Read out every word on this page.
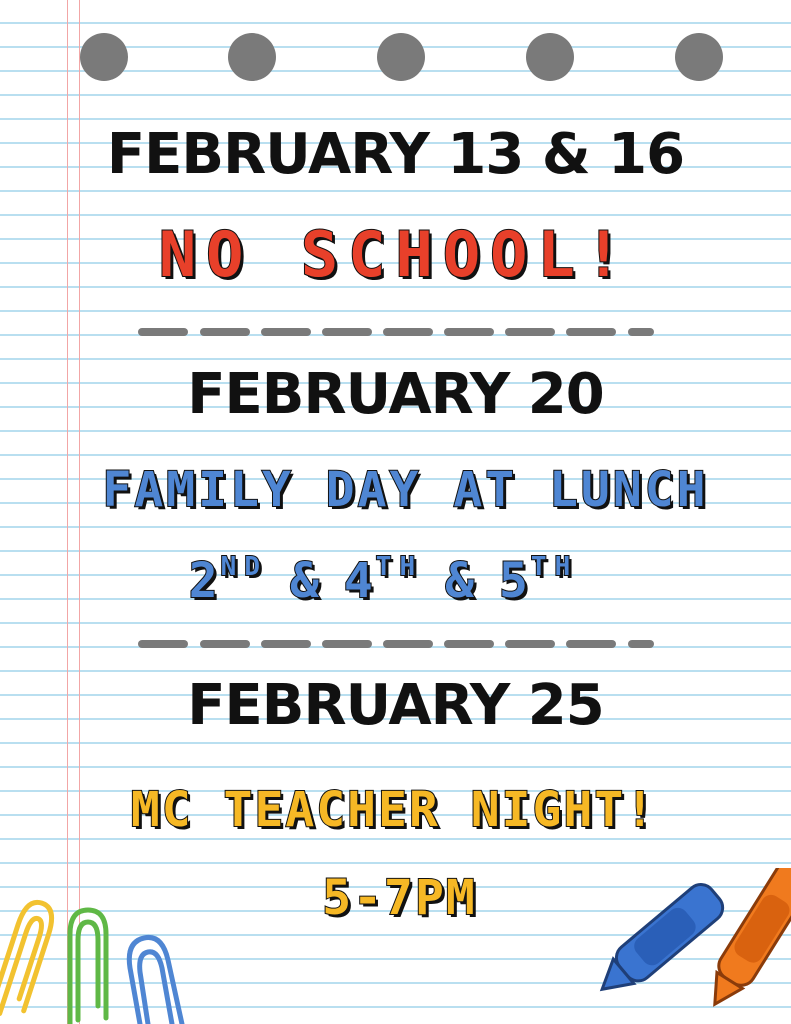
FEBRUARY 13 & 16
NO SCHOOL!
FEBRUARY 20
FAMILY DAY AT LUNCH
2ND & 4TH & 5TH
FEBRUARY 25
MC TEACHER NIGHT!
5-7PM
